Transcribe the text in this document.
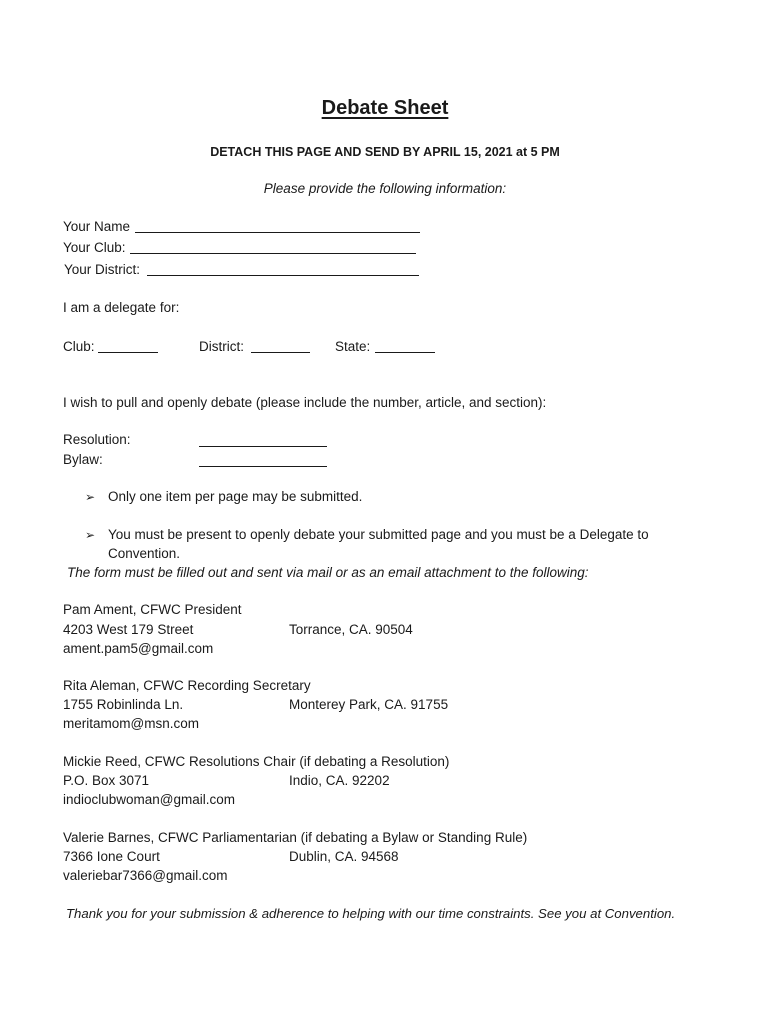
Debate Sheet
DETACH THIS PAGE AND SEND BY APRIL 15, 2021 at 5 PM
Please provide the following information:
Your Name
Your Club:
Your District:
I am a delegate for:
Club:	District:	State:
I wish to pull and openly debate (please include the number, article, and section):
Resolution:
Bylaw:
➢ Only one item per page may be submitted.
➢ You must be present to openly debate your submitted page and you must be a Delegate to
Convention.
The form must be filled out and sent via mail or as an email attachment to the following:
Pam Ament, CFWC President
4203 West 179 Street	Torrance, CA. 90504
ament.pam5@gmail.com
Rita Aleman, CFWC Recording Secretary
1755 Robinlinda Ln.	Monterey Park, CA. 91755
meritamom@msn.com
Mickie Reed, CFWC Resolutions Chair (if debating a Resolution)
P.O. Box 3071	Indio, CA. 92202
indioclubwoman@gmail.com
Valerie Barnes, CFWC Parliamentarian (if debating a Bylaw or Standing Rule)
7366 Ione Court	Dublin, CA. 94568
valeriebar7366@gmail.com
Thank you for your submission & adherence to helping with our time constraints. See you at Convention.
